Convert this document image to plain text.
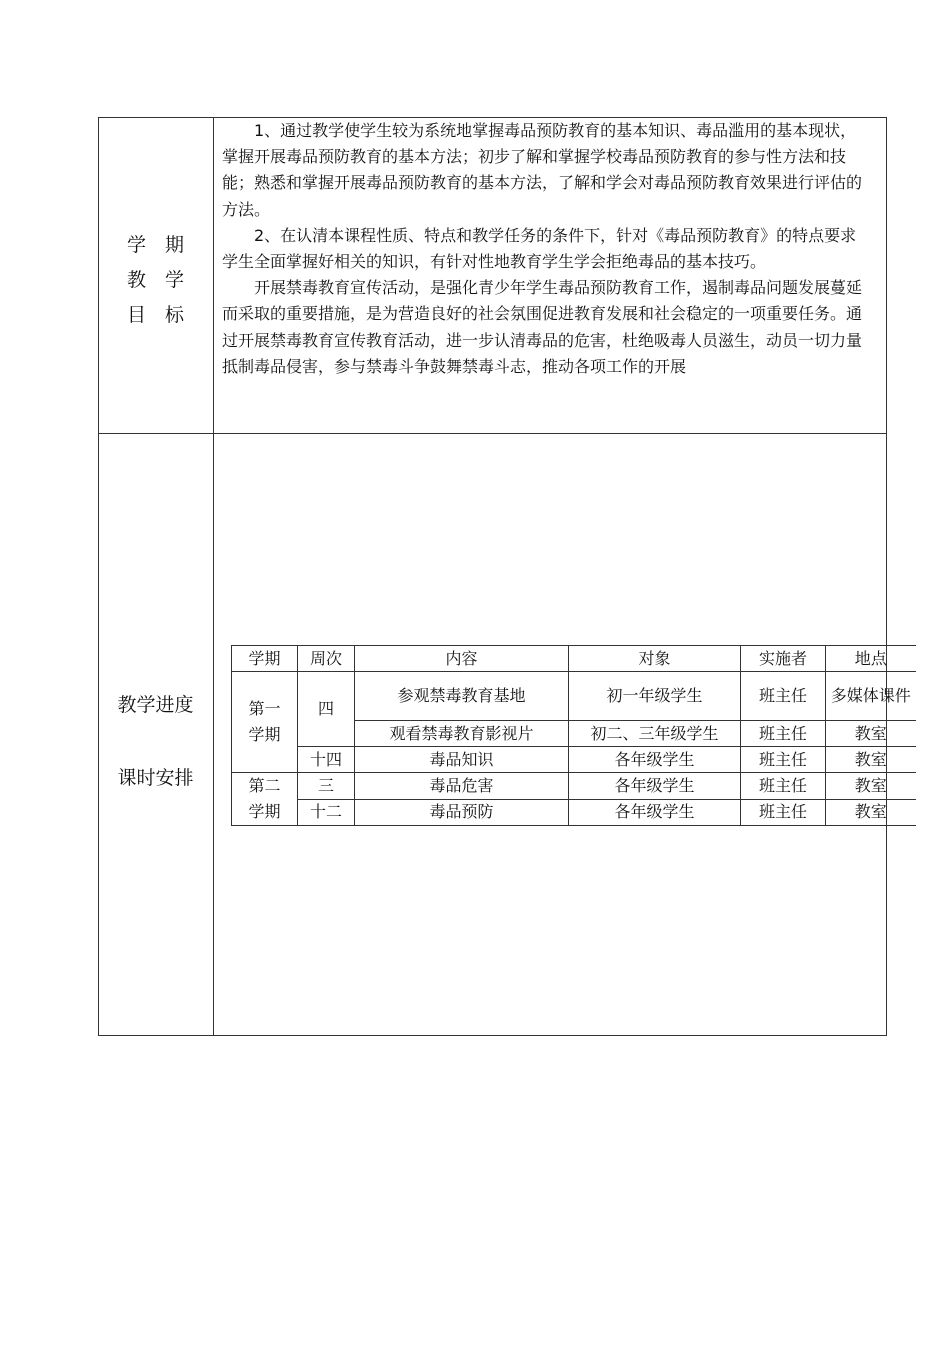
学 期
教 学
目 标

1、通过教学使学生较为系统地掌握毒品预防教育的基本知识、毒品滥用的基本现状，掌握开展毒品预防教育的基本方法；初步了解和掌握学校毒品预防教育的参与性方法和技能；熟悉和掌握开展毒品预防教育的基本方法，了解和学会对毒品预防教育效果进行评估的方法。

2、在认清本课程性质、特点和教学任务的条件下，针对《毒品预防教育》的特点要求学生全面掌握好相关的知识，有针对性地教育学生学会拒绝毒品的基本技巧。

开展禁毒教育宣传活动，是强化青少年学生毒品预防教育工作，遏制毒品问题发展蔓延而采取的重要措施，是为营造良好的社会氛围促进教育发展和社会稳定的一项重要任务。通过开展禁毒教育宣传教育活动，进一步认清毒品的危害，杜绝吸毒人员滋生，动员一切力量抵制毒品侵害，参与禁毒斗争鼓舞禁毒斗志，推动各项工作的开展

教学进度
课时安排
学期	周次	内容	对象	实施者	地点
第一
学期	四	参观禁毒教育基地	初一年级学生	班主任	多媒体课件
		观看禁毒教育影视片	初二、三年级学生	班主任	教室
	十四	毒品知识	各年级学生	班主任	教室
第二
学期	三	毒品危害	各年级学生	班主任	教室
	十二	毒品预防	各年级学生	班主任	教室
